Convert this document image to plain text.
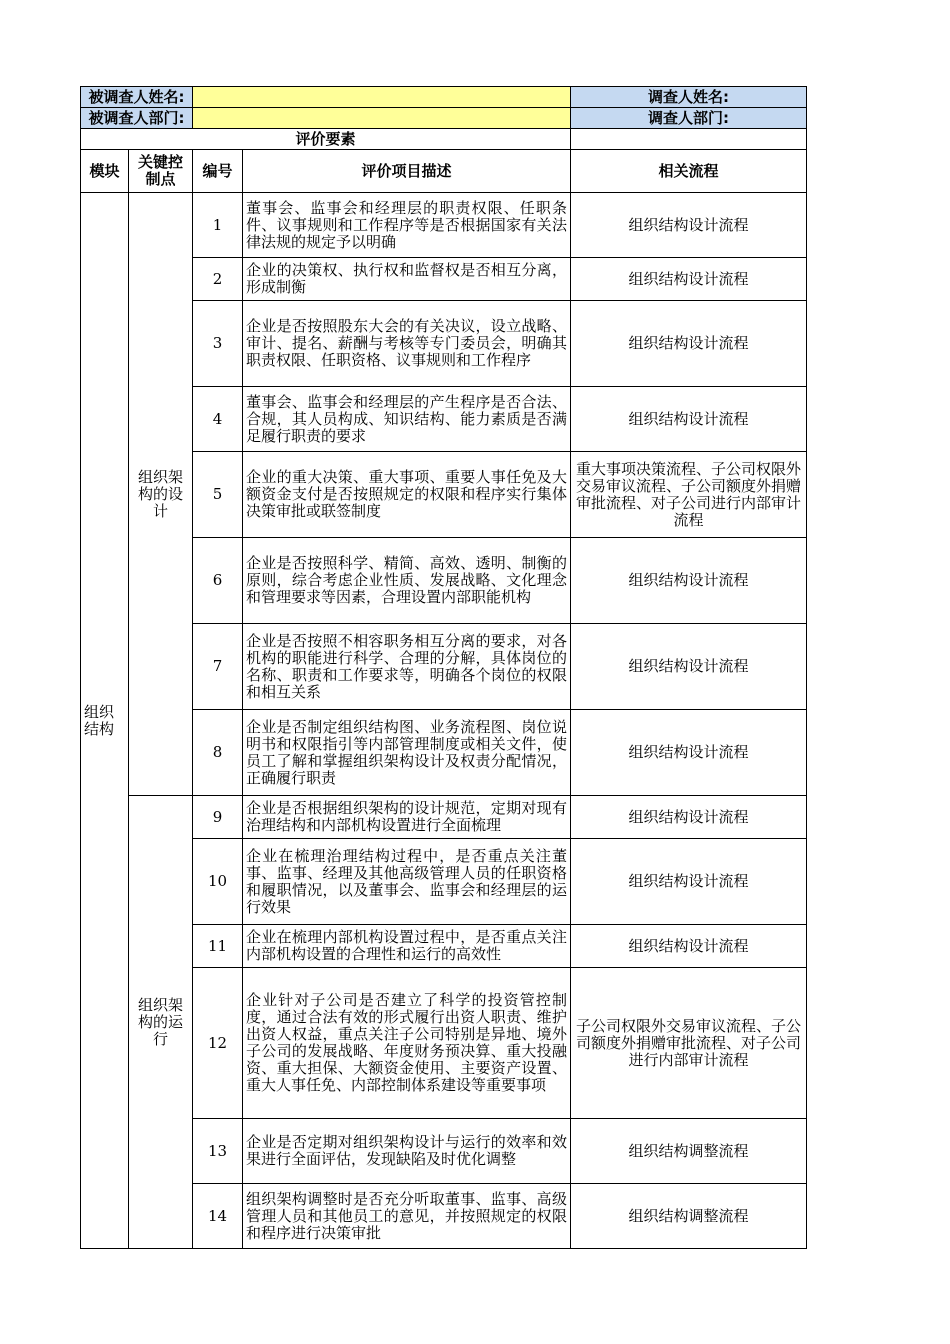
被调查人姓名:				调查人姓名:
被调查人部门:				调查人部门:
评价要素				
模块	关键控制点	编号	评价项目描述	相关流程
组织结构	组织架构的设计	1	董事会、监事会和经理层的职责权限、任职条件、议事规则和工作程序等是否根据国家有关法律法规的规定予以明确	组织结构设计流程
		2	企业的决策权、执行权和监督权是否相互分离，形成制衡	组织结构设计流程
		3	企业是否按照股东大会的有关决议，设立战略、审计、提名、薪酬与考核等专门委员会，明确其职责权限、任职资格、议事规则和工作程序	组织结构设计流程
		4	董事会、监事会和经理层的产生程序是否合法、合规，其人员构成、知识结构、能力素质是否满足履行职责的要求	组织结构设计流程
		5	企业的重大决策、重大事项、重要人事任免及大额资金支付是否按照规定的权限和程序实行集体决策审批或联签制度	重大事项决策流程、子公司权限外交易审议流程、子公司额度外捐赠审批流程、对子公司进行内部审计流程
		6	企业是否按照科学、精简、高效、透明、制衡的原则，综合考虑企业性质、发展战略、文化理念和管理要求等因素，合理设置内部职能机构	组织结构设计流程
		7	企业是否按照不相容职务相互分离的要求，对各机构的职能进行科学、合理的分解，具体岗位的名称、职责和工作要求等，明确各个岗位的权限和相互关系	组织结构设计流程
		8	企业是否制定组织结构图、业务流程图、岗位说明书和权限指引等内部管理制度或相关文件，使员工了解和掌握组织架构设计及权责分配情况，正确履行职责	组织结构设计流程
	组织架构的运行	9	企业是否根据组织架构的设计规范，定期对现有治理结构和内部机构设置进行全面梳理	组织结构设计流程
		10	企业在梳理治理结构过程中，是否重点关注董事、监事、经理及其他高级管理人员的任职资格和履职情况，以及董事会、监事会和经理层的运行效果	组织结构设计流程
		11	企业在梳理内部机构设置过程中，是否重点关注内部机构设置的合理性和运行的高效性	组织结构设计流程
		12	企业针对子公司是否建立了科学的投资管控制度，通过合法有效的形式履行出资人职责、维护出资人权益，重点关注子公司特别是异地、境外子公司的发展战略、年度财务预决算、重大投融资、重大担保、大额资金使用、主要资产设置、重大人事任免、内部控制体系建设等重要事项	子公司权限外交易审议流程、子公司额度外捐赠审批流程、对子公司进行内部审计流程
		13	企业是否定期对组织架构设计与运行的效率和效果进行全面评估，发现缺陷及时优化调整	组织结构调整流程
		14	组织架构调整时是否充分听取董事、监事、高级管理人员和其他员工的意见，并按照规定的权限和程序进行决策审批	组织结构调整流程
